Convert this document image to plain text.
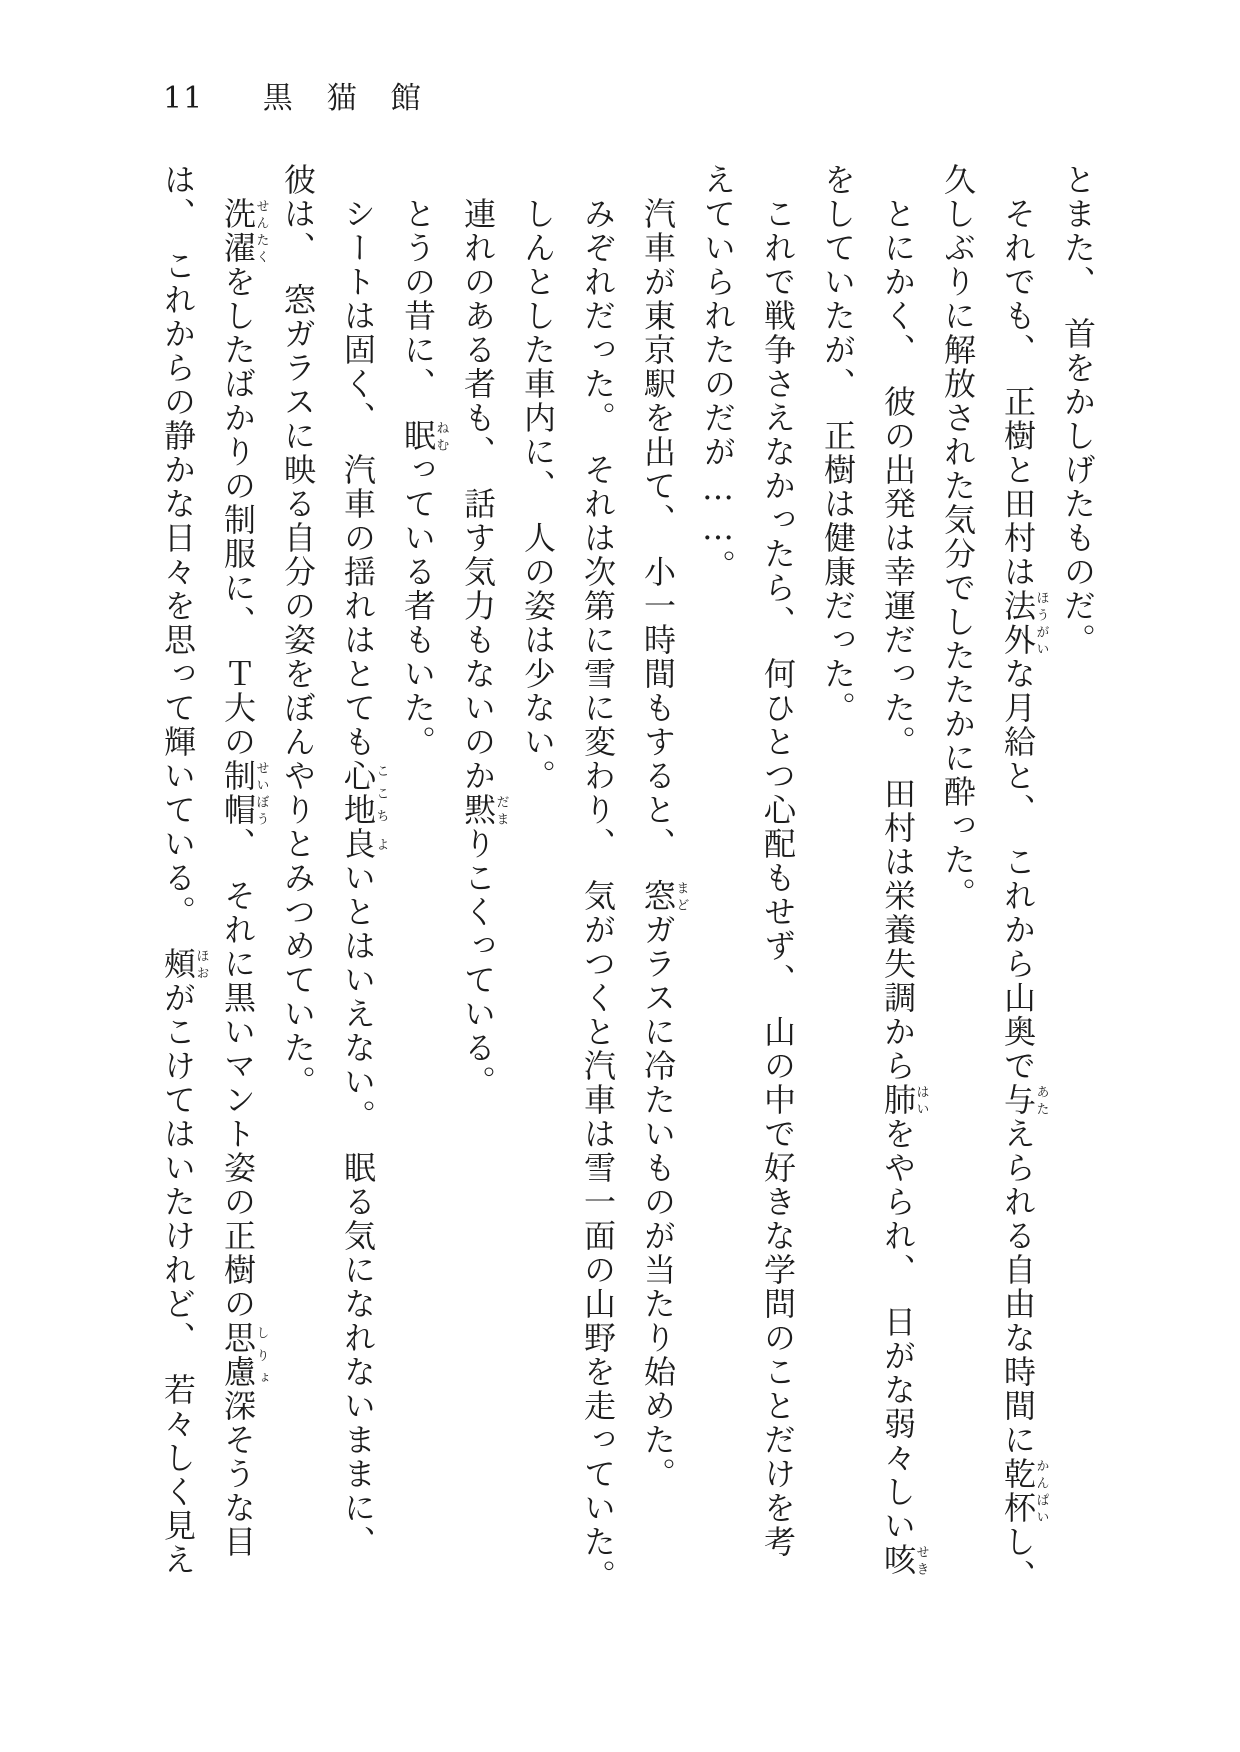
11 黒猫館

とまた、　首をかしげたものだ。

それでも、　正樹と田村は法外ほうがいな月給と、　これから山奥で与あたえられる自由な時間に乾杯かんぱいし、

久しぶりに解放された気分でしたたかに酔った。

とにかく、　彼の出発は幸運だった。　田村は栄養失調から肺はいをやられ、　日がな弱々しい咳せき

をしていたが、　正樹は健康だった。

これで戦争さえなかったら、　何ひとつ心配もせず、　山の中で好きな学問のことだけを考

えていられたのだが……。

汽車が東京駅を出て、　小一時間もすると、　窓まどガラスに冷たいものが当たり始めた。

みぞれだった。　それは次第に雪に変わり、　気がつくと汽車は雪一面の山野を走っていた。

しんとした車内に、　人の姿は少ない。

連れのある者も、　話す気力もないのか黙だまりこくっている。

とうの昔に、　眠ねむっている者もいた。

シートは固く、　汽車の揺れはとても心地ここち良よいとはいえない。　眠る気になれないままに、

彼は、　窓ガラスに映る自分の姿をぼんやりとみつめていた。

洗濯せんたくをしたばかりの制服に、　Ｔ大の制帽せいぼう、　それに黒いマント姿の正樹の思慮しりょ深そうな目

は、　これからの静かな日々を思って輝いている。　頰ほおがこけてはいたけれど、　若々しく見え
